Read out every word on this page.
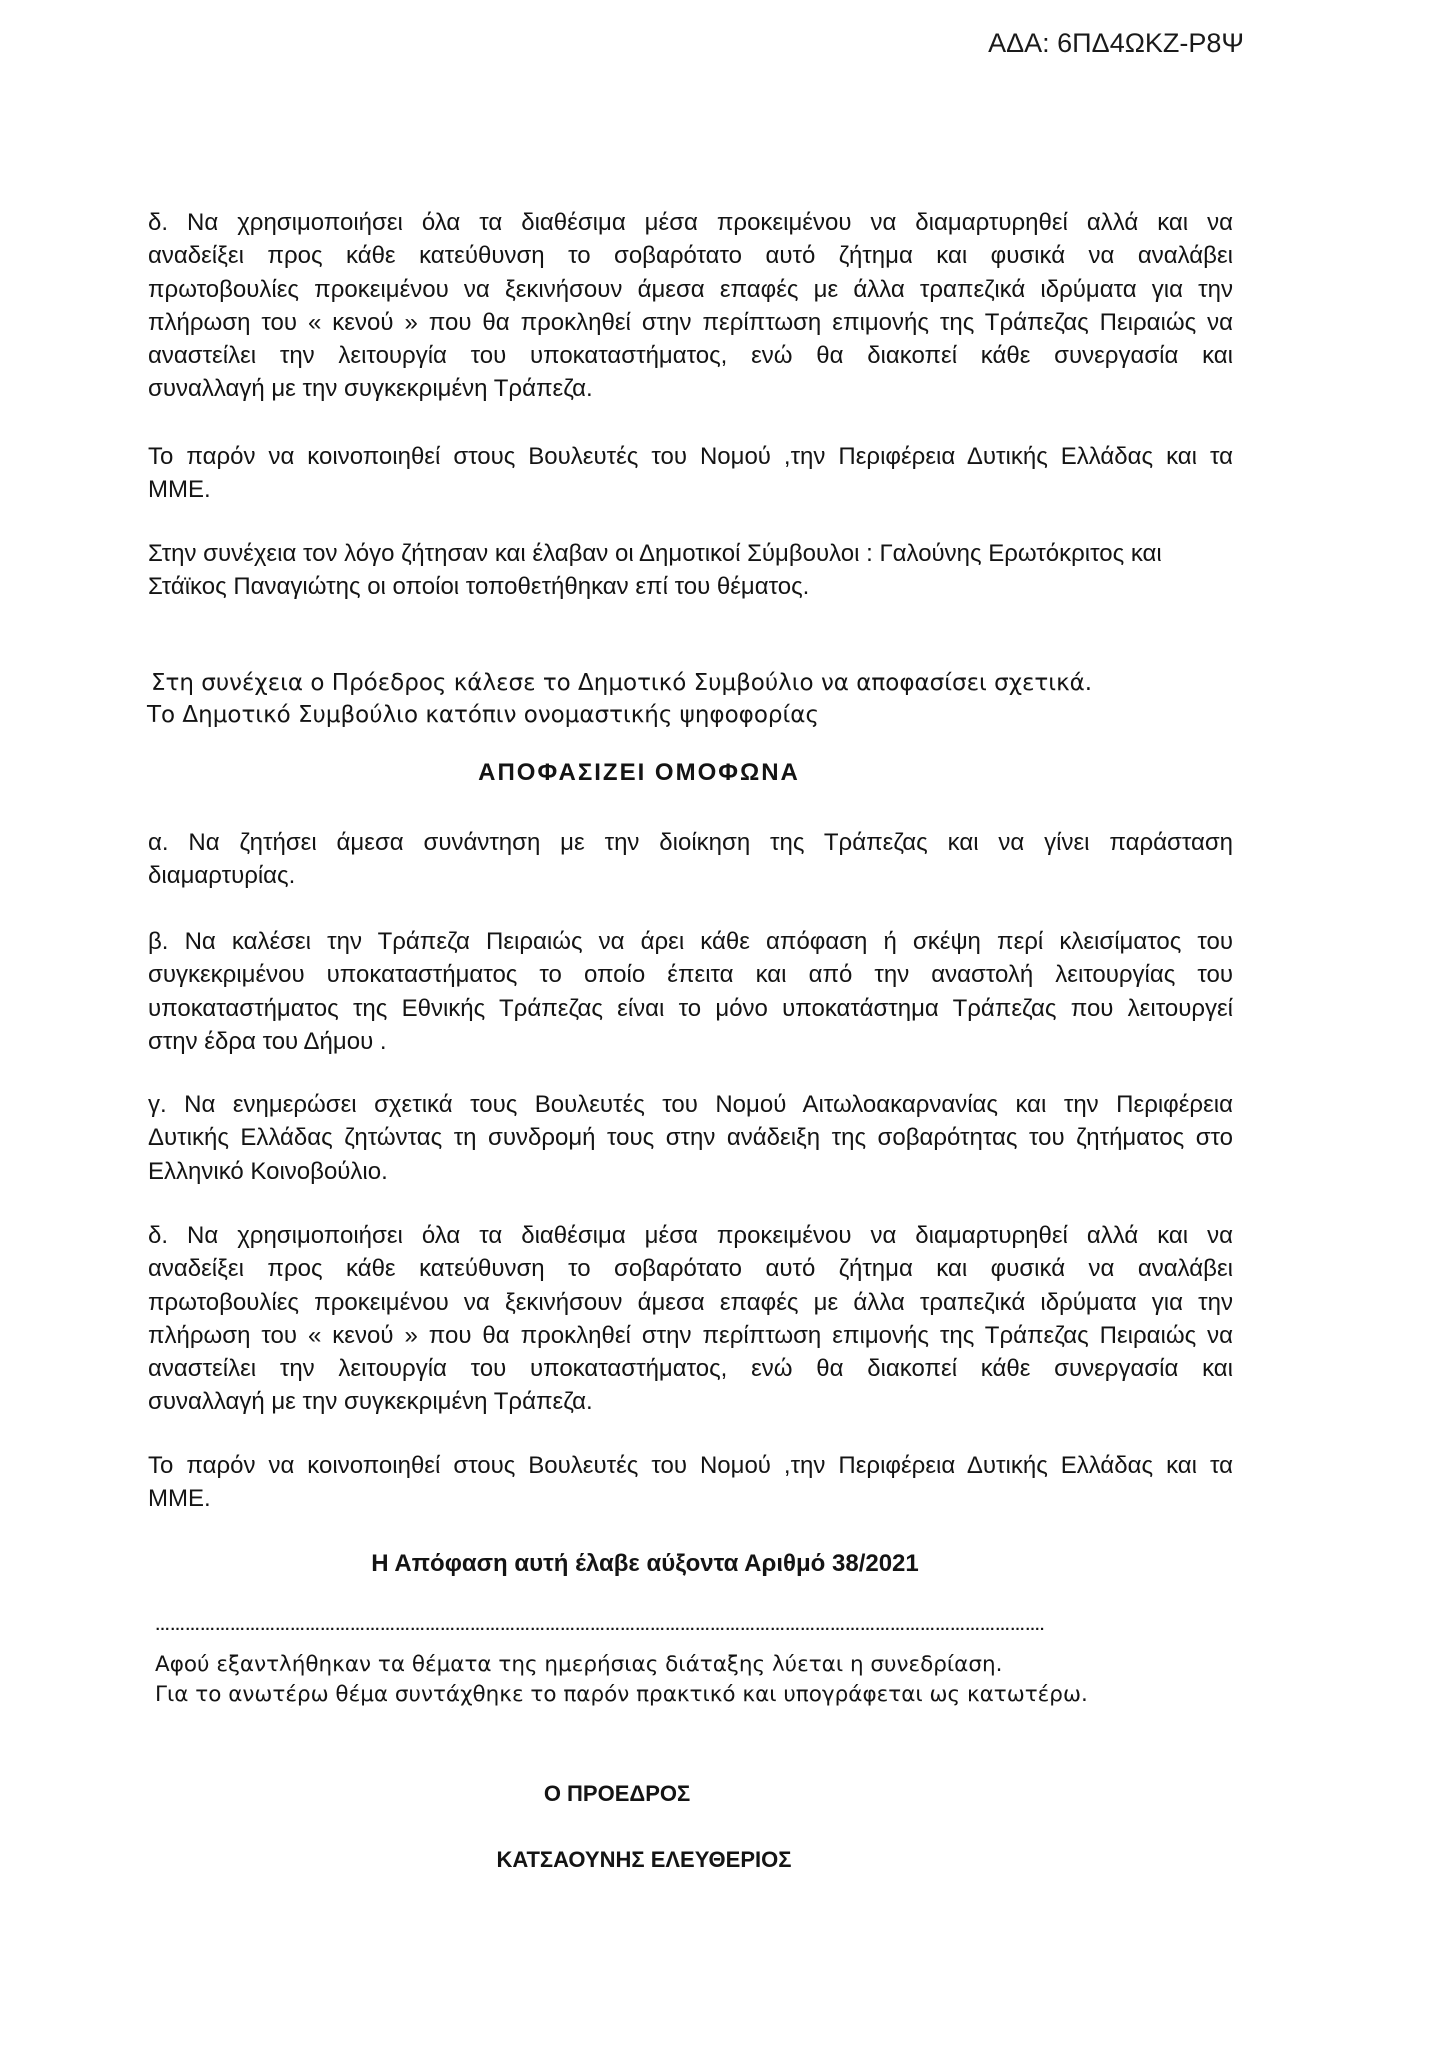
ΑΔΑ: 6ΠΔ4ΩΚΖ-Ρ8Ψ
δ. Να χρησιμοποιήσει όλα τα διαθέσιμα μέσα προκειμένου να διαμαρτυρηθεί αλλά και να
αναδείξει προς κάθε κατεύθυνση το σοβαρότατο αυτό ζήτημα και φυσικά να αναλάβει
πρωτοβουλίες προκειμένου να ξεκινήσουν άμεσα επαφές με άλλα τραπεζικά ιδρύματα για την
πλήρωση του « κενού » που θα προκληθεί στην περίπτωση επιμονής της Τράπεζας Πειραιώς να
αναστείλει την λειτουργία του υποκαταστήματος, ενώ θα διακοπεί κάθε συνεργασία και
συναλλαγή με την συγκεκριμένη Τράπεζα.
Το παρόν να κοινοποιηθεί στους Βουλευτές του Νομού ,την Περιφέρεια Δυτικής Ελλάδας και τα
ΜΜΕ.
Στην συνέχεια τον λόγο ζήτησαν και έλαβαν οι Δημοτικοί Σύμβουλοι : Γαλούνης Ερωτόκριτος και
Στάϊκος Παναγιώτης οι οποίοι τοποθετήθηκαν επί του θέματος.
Στη συνέχεια ο Πρόεδρος κάλεσε το Δημοτικό Συμβούλιο να αποφασίσει σχετικά.
Το Δημοτικό Συμβούλιο κατόπιν ονομαστικής ψηφοφορίας
ΑΠΟΦΑΣΙΖΕΙ ΟΜΟΦΩΝΑ
α. Να ζητήσει άμεσα συνάντηση με την διοίκηση της Τράπεζας και να γίνει παράσταση
διαμαρτυρίας.
β. Να καλέσει την Τράπεζα Πειραιώς να άρει κάθε απόφαση ή σκέψη περί κλεισίματος του
συγκεκριμένου υποκαταστήματος το οποίο έπειτα και από την αναστολή λειτουργίας του
υποκαταστήματος της Εθνικής Τράπεζας είναι το μόνο υποκατάστημα Τράπεζας που λειτουργεί
στην έδρα του Δήμου .
γ. Να ενημερώσει σχετικά τους Βουλευτές του Νομού Αιτωλοακαρνανίας και την Περιφέρεια
Δυτικής Ελλάδας ζητώντας τη συνδρομή τους στην ανάδειξη της σοβαρότητας του ζητήματος στο
Ελληνικό Κοινοβούλιο.
δ. Να χρησιμοποιήσει όλα τα διαθέσιμα μέσα προκειμένου να διαμαρτυρηθεί αλλά και να
αναδείξει προς κάθε κατεύθυνση το σοβαρότατο αυτό ζήτημα και φυσικά να αναλάβει
πρωτοβουλίες προκειμένου να ξεκινήσουν άμεσα επαφές με άλλα τραπεζικά ιδρύματα για την
πλήρωση του « κενού » που θα προκληθεί στην περίπτωση επιμονής της Τράπεζας Πειραιώς να
αναστείλει την λειτουργία του υποκαταστήματος, ενώ θα διακοπεί κάθε συνεργασία και
συναλλαγή με την συγκεκριμένη Τράπεζα.
Το παρόν να κοινοποιηθεί στους Βουλευτές του Νομού ,την Περιφέρεια Δυτικής Ελλάδας και τα
ΜΜΕ.
Η Απόφαση αυτή έλαβε αύξοντα Αριθμό 38/2021
…………………………………………………………………………………………………………………………………………………………….
Αφού εξαντλήθηκαν τα θέματα της ημερήσιας διάταξης λύεται η συνεδρίαση.
Για το ανωτέρω θέμα συντάχθηκε το παρόν πρακτικό και υπογράφεται ως κατωτέρω.
Ο ΠΡΟΕΔΡΟΣ
ΚΑΤΣΑΟΥΝΗΣ ΕΛΕΥΘΕΡΙΟΣ
